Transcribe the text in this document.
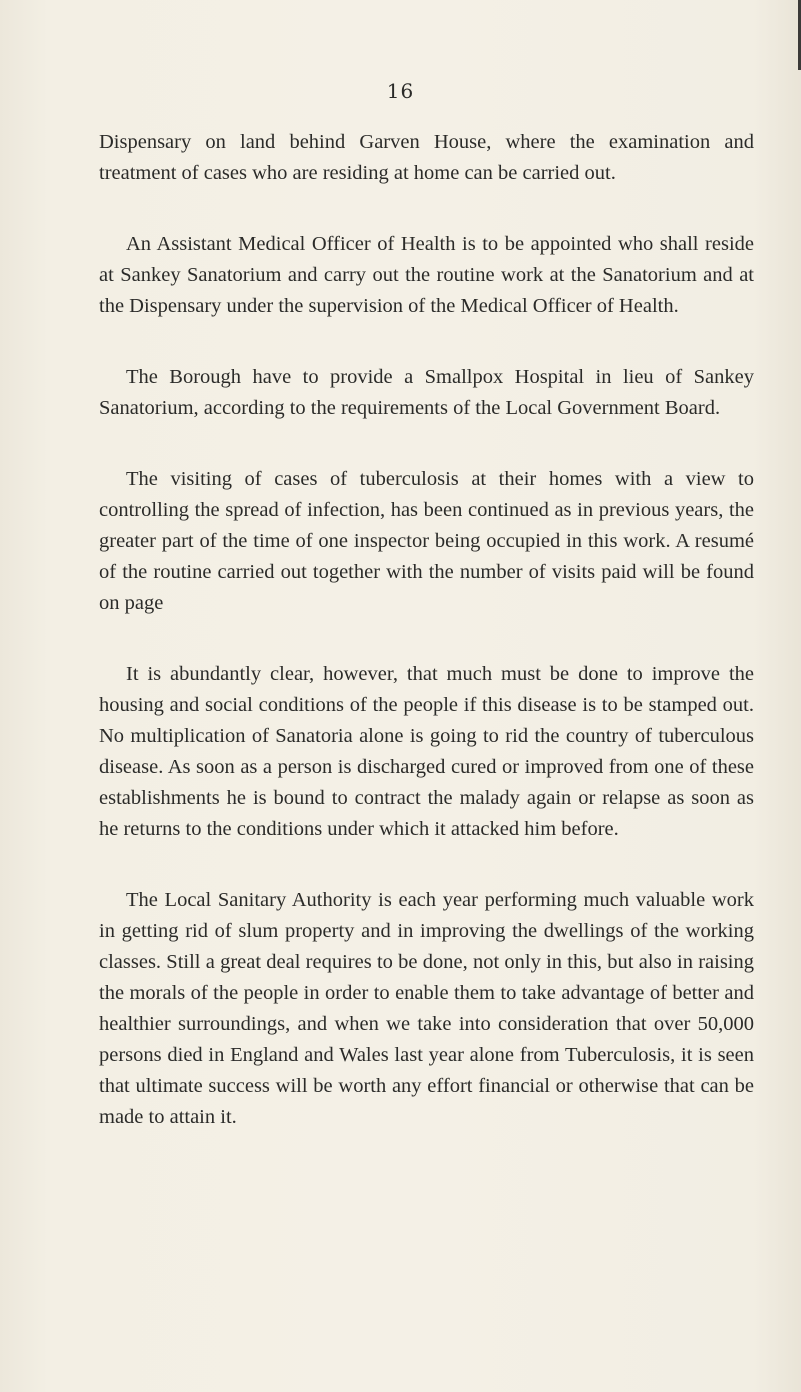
16

Dispensary on land behind Garven House, where the examination and treatment of cases who are residing at home can be carried out.

An Assistant Medical Officer of Health is to be appointed who shall reside at Sankey Sanatorium and carry out the routine work at the Sanatorium and at the Dispensary under the supervision of the Medical Officer of Health.

The Borough have to provide a Smallpox Hospital in lieu of Sankey Sanatorium, according to the requirements of the Local Government Board.

The visiting of cases of tuberculosis at their homes with a view to controlling the spread of infection, has been continued as in previous years, the greater part of the time of one inspector being occupied in this work. A resumé of the routine carried out together with the number of visits paid will be found on page

It is abundantly clear, however, that much must be done to improve the housing and social conditions of the people if this disease is to be stamped out. No multiplication of Sanatoria alone is going to rid the country of tuberculous disease. As soon as a person is discharged cured or improved from one of these establishments he is bound to contract the malady again or relapse as soon as he returns to the conditions under which it attacked him before.

The Local Sanitary Authority is each year performing much valuable work in getting rid of slum property and in improving the dwellings of the working classes. Still a great deal requires to be done, not only in this, but also in raising the morals of the people in order to enable them to take advantage of better and healthier surroundings, and when we take into consideration that over 50,000 persons died in England and Wales last year alone from Tuberculosis, it is seen that ultimate success will be worth any effort financial or otherwise that can be made to attain it.
